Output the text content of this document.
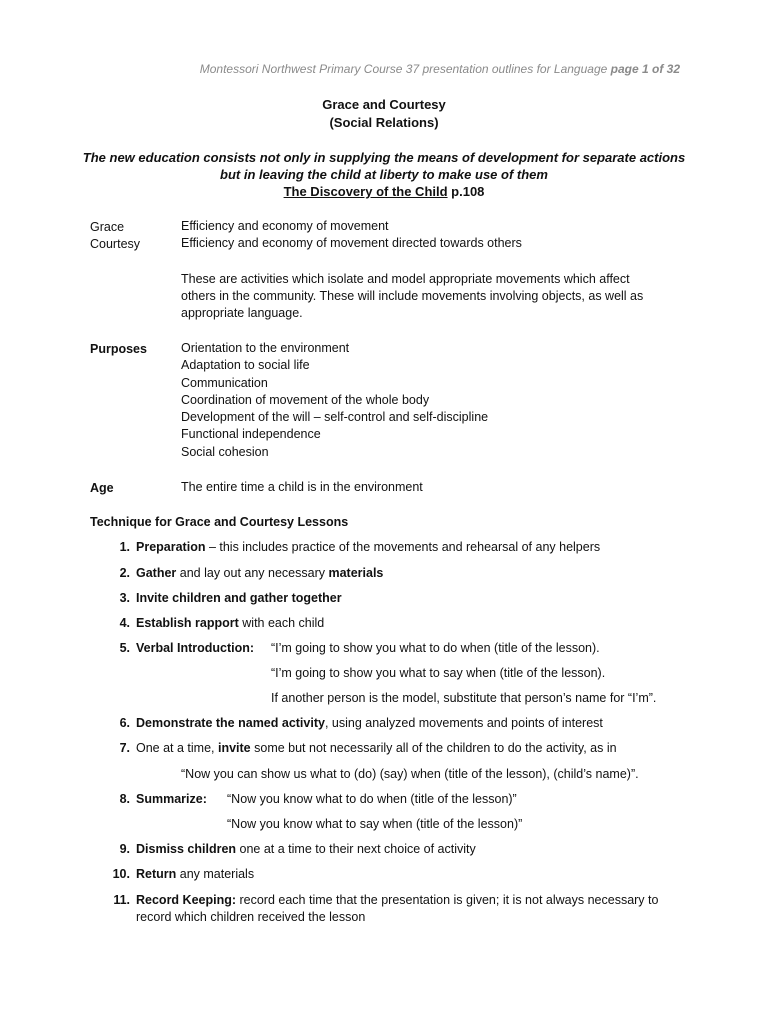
Montessori Northwest Primary Course 37 presentation outlines for Language page 1 of 32
Grace and Courtesy
(Social Relations)
The new education consists not only in supplying the means of development for separate actions
but in leaving the child at liberty to make use of them
The Discovery of the Child p.108
Grace	Efficiency and economy of movement
Courtesy	Efficiency and economy of movement directed towards others
These are activities which isolate and model appropriate movements which affect
others in the community. These will include movements involving objects, as well as
appropriate language.
Purposes	Orientation to the environment
Adaptation to social life
Communication
Coordination of movement of the whole body
Development of the will – self-control and self-discipline
Functional independence
Social cohesion
Age	The entire time a child is in the environment
Technique for Grace and Courtesy Lessons
1. Preparation – this includes practice of the movements and rehearsal of any helpers
2. Gather and lay out any necessary materials
3. Invite children and gather together
4. Establish rapport with each child
5. Verbal Introduction: “I’m going to show you what to do when (title of the lesson).
“I’m going to show you what to say when (title of the lesson).
If another person is the model, substitute that person’s name for “I’m”.
6. Demonstrate the named activity, using analyzed movements and points of interest
7. One at a time, invite some but not necessarily all of the children to do the activity, as in
“Now you can show us what to (do) (say) when (title of the lesson), (child’s name)”.
8. Summarize: “Now you know what to do when (title of the lesson)”
“Now you know what to say when (title of the lesson)”
9. Dismiss children one at a time to their next choice of activity
10. Return any materials
11. Record Keeping: record each time that the presentation is given; it is not always necessary to
record which children received the lesson
